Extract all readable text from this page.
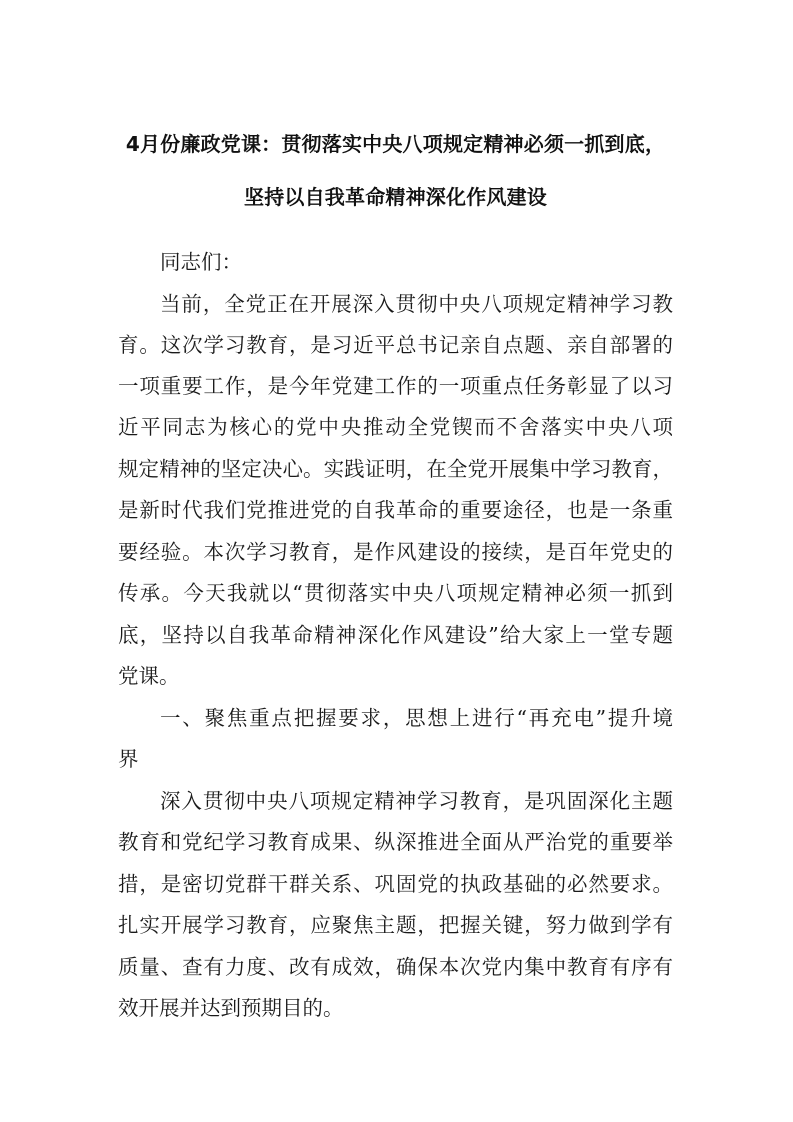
4月份廉政党课：贯彻落实中央八项规定精神必须一抓到底，
坚持以自我革命精神深化作风建设
同志们：
当前，全党正在开展深入贯彻中央八项规定精神学习教
育。这次学习教育，是习近平总书记亲自点题、亲自部署的
一项重要工作，是今年党建工作的一项重点任务彰显了以习
近平同志为核心的党中央推动全党锲而不舍落实中央八项
规定精神的坚定决心。实践证明，在全党开展集中学习教育，
是新时代我们党推进党的自我革命的重要途径，也是一条重
要经验。本次学习教育，是作风建设的接续，是百年党史的
传承。今天我就以“贯彻落实中央八项规定精神必须一抓到
底，坚持以自我革命精神深化作风建设”给大家上一堂专题
党课。
一、聚焦重点把握要求，思想上进行“再充电”提升境
界
深入贯彻中央八项规定精神学习教育，是巩固深化主题
教育和党纪学习教育成果、纵深推进全面从严治党的重要举
措，是密切党群干群关系、巩固党的执政基础的必然要求。
扎实开展学习教育，应聚焦主题，把握关键，努力做到学有
质量、查有力度、改有成效，确保本次党内集中教育有序有
效开展并达到预期目的。
